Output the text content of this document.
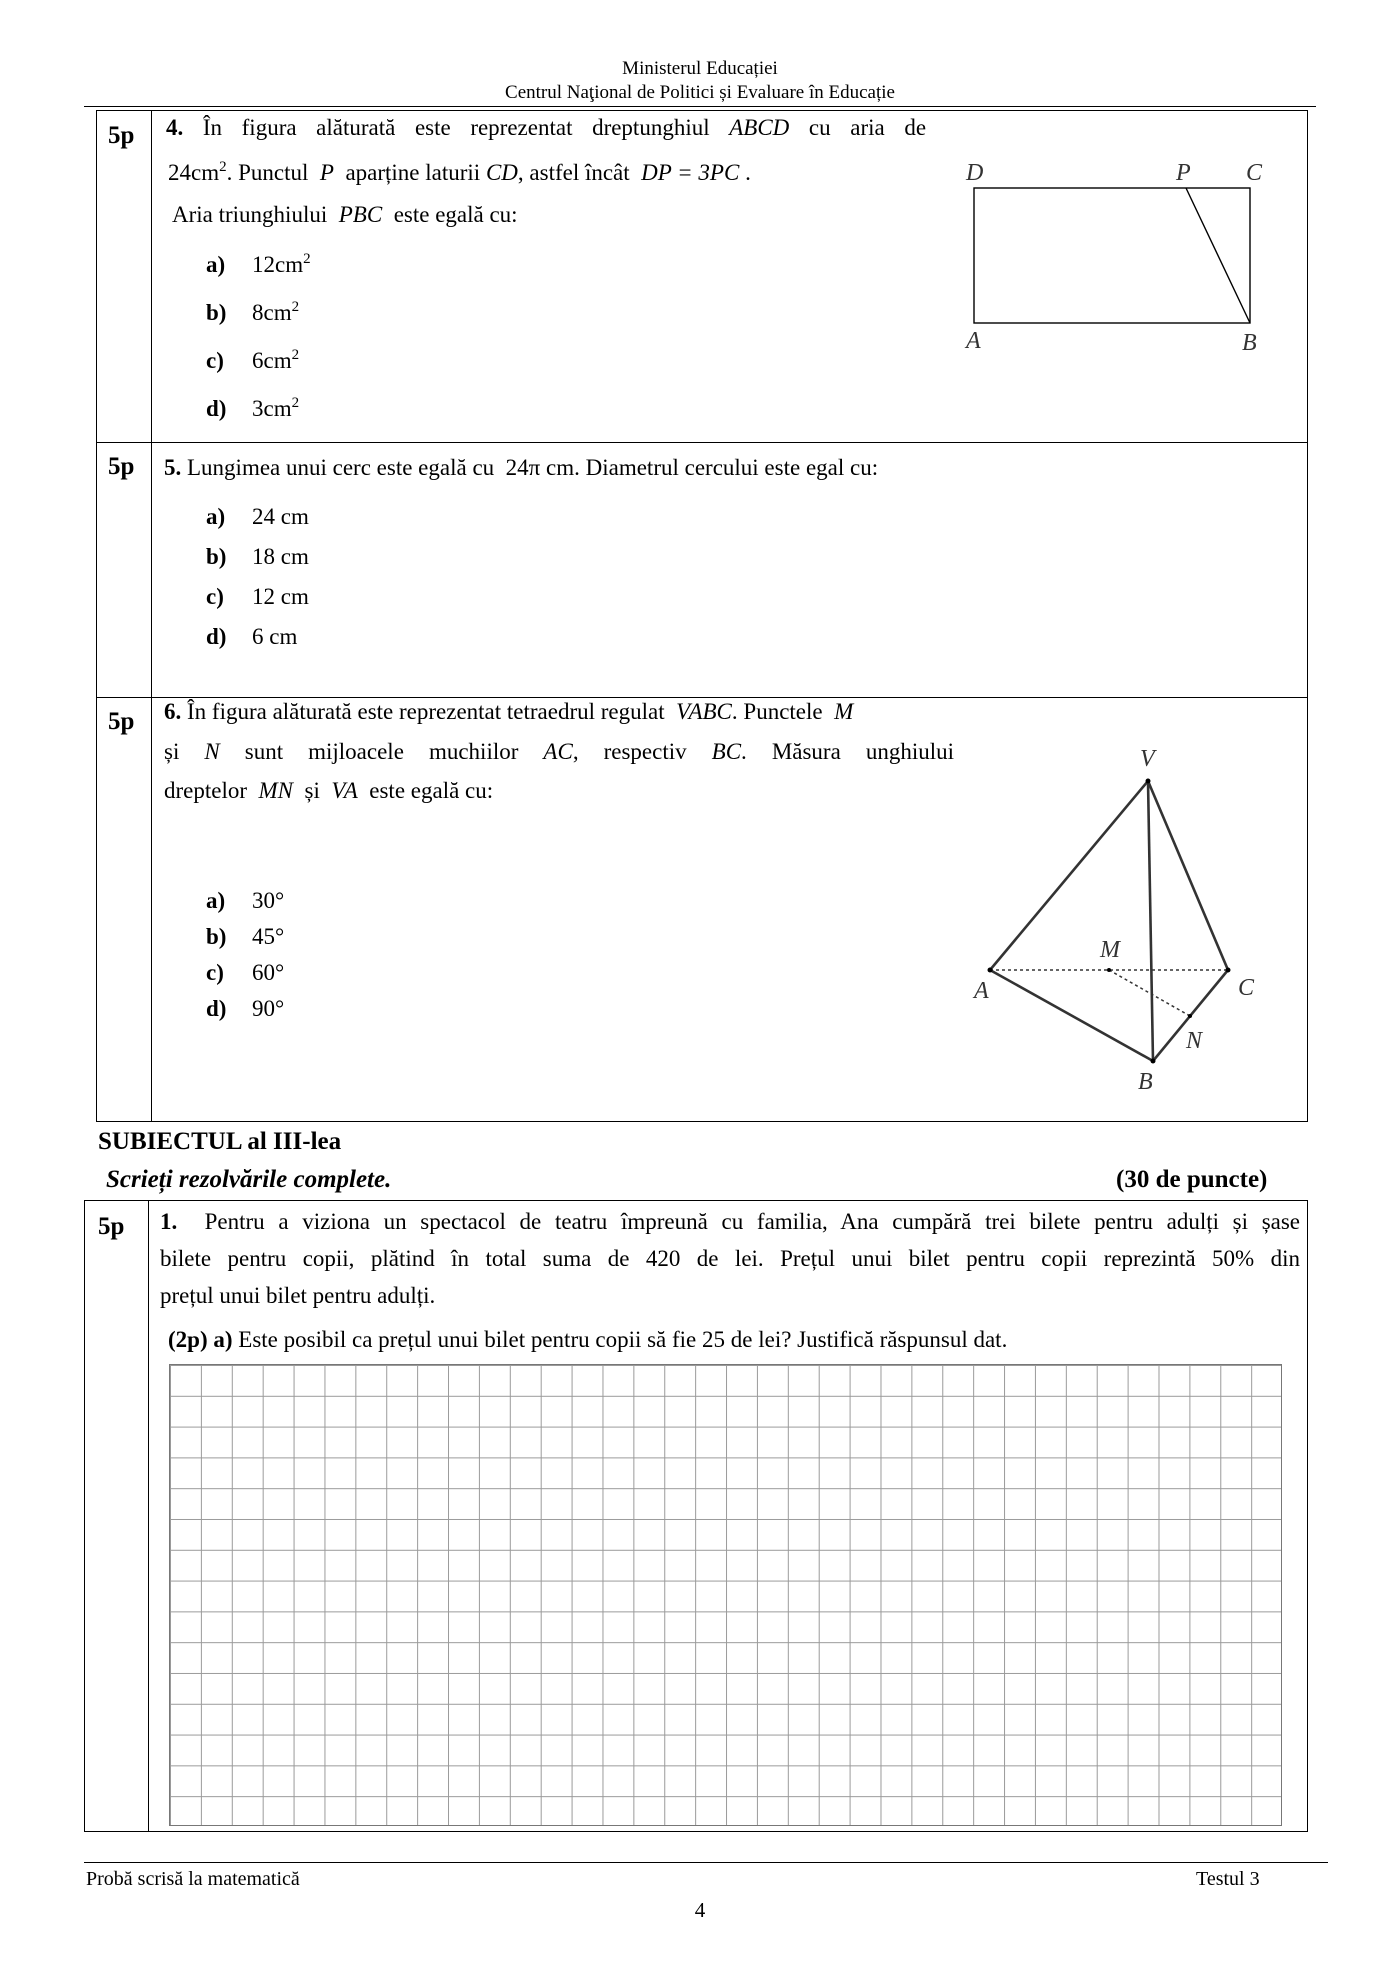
Ministerul Educației
Centrul Naţional de Politici și Evaluare în Educație
5p 4. În figura alăturată este reprezentat dreptunghiul ABCD cu aria de
$24cm^2$. Punctul P aparține laturii CD, astfel încât DP = 3PC .
Aria triunghiului PBC este egală cu:
a) $12cm^2$
b) $8cm^2$
c) $6cm^2$
d) $3cm^2$
D	P C
A	B
5p 5. Lungimea unui cerc este egală cu 24π cm. Diametrul cercului este egal cu:
a) 24 cm
b) 18 cm
c) 12 cm
d) 6 cm
5p 6. În figura alăturată este reprezentat tetraedrul regulat VABC. Punctele M
și N sunt mijloacele muchiilor AC, respectiv BC. Măsura unghiului
dreptelor MN și VA este egală cu:
a) 30°
b) 45°
c) 60°
d) 90°
V
M
A	C
N
B
SUBIECTUL al III-lea
Scrieți rezolvările complete.	(30 de puncte)
5p 1. Pentru a viziona un spectacol de teatru împreună cu familia, Ana cumpără trei bilete pentru adulți și șase
bilete pentru copii, plătind în total suma de 420 de lei. Prețul unui bilet pentru copii reprezintă 50% din
prețul unui bilet pentru adulți.
(2p) a) Este posibil ca prețul unui bilet pentru copii să fie 25 de lei? Justifică răspunsul dat.
Probă scrisă la matematică	Testul 3
4
